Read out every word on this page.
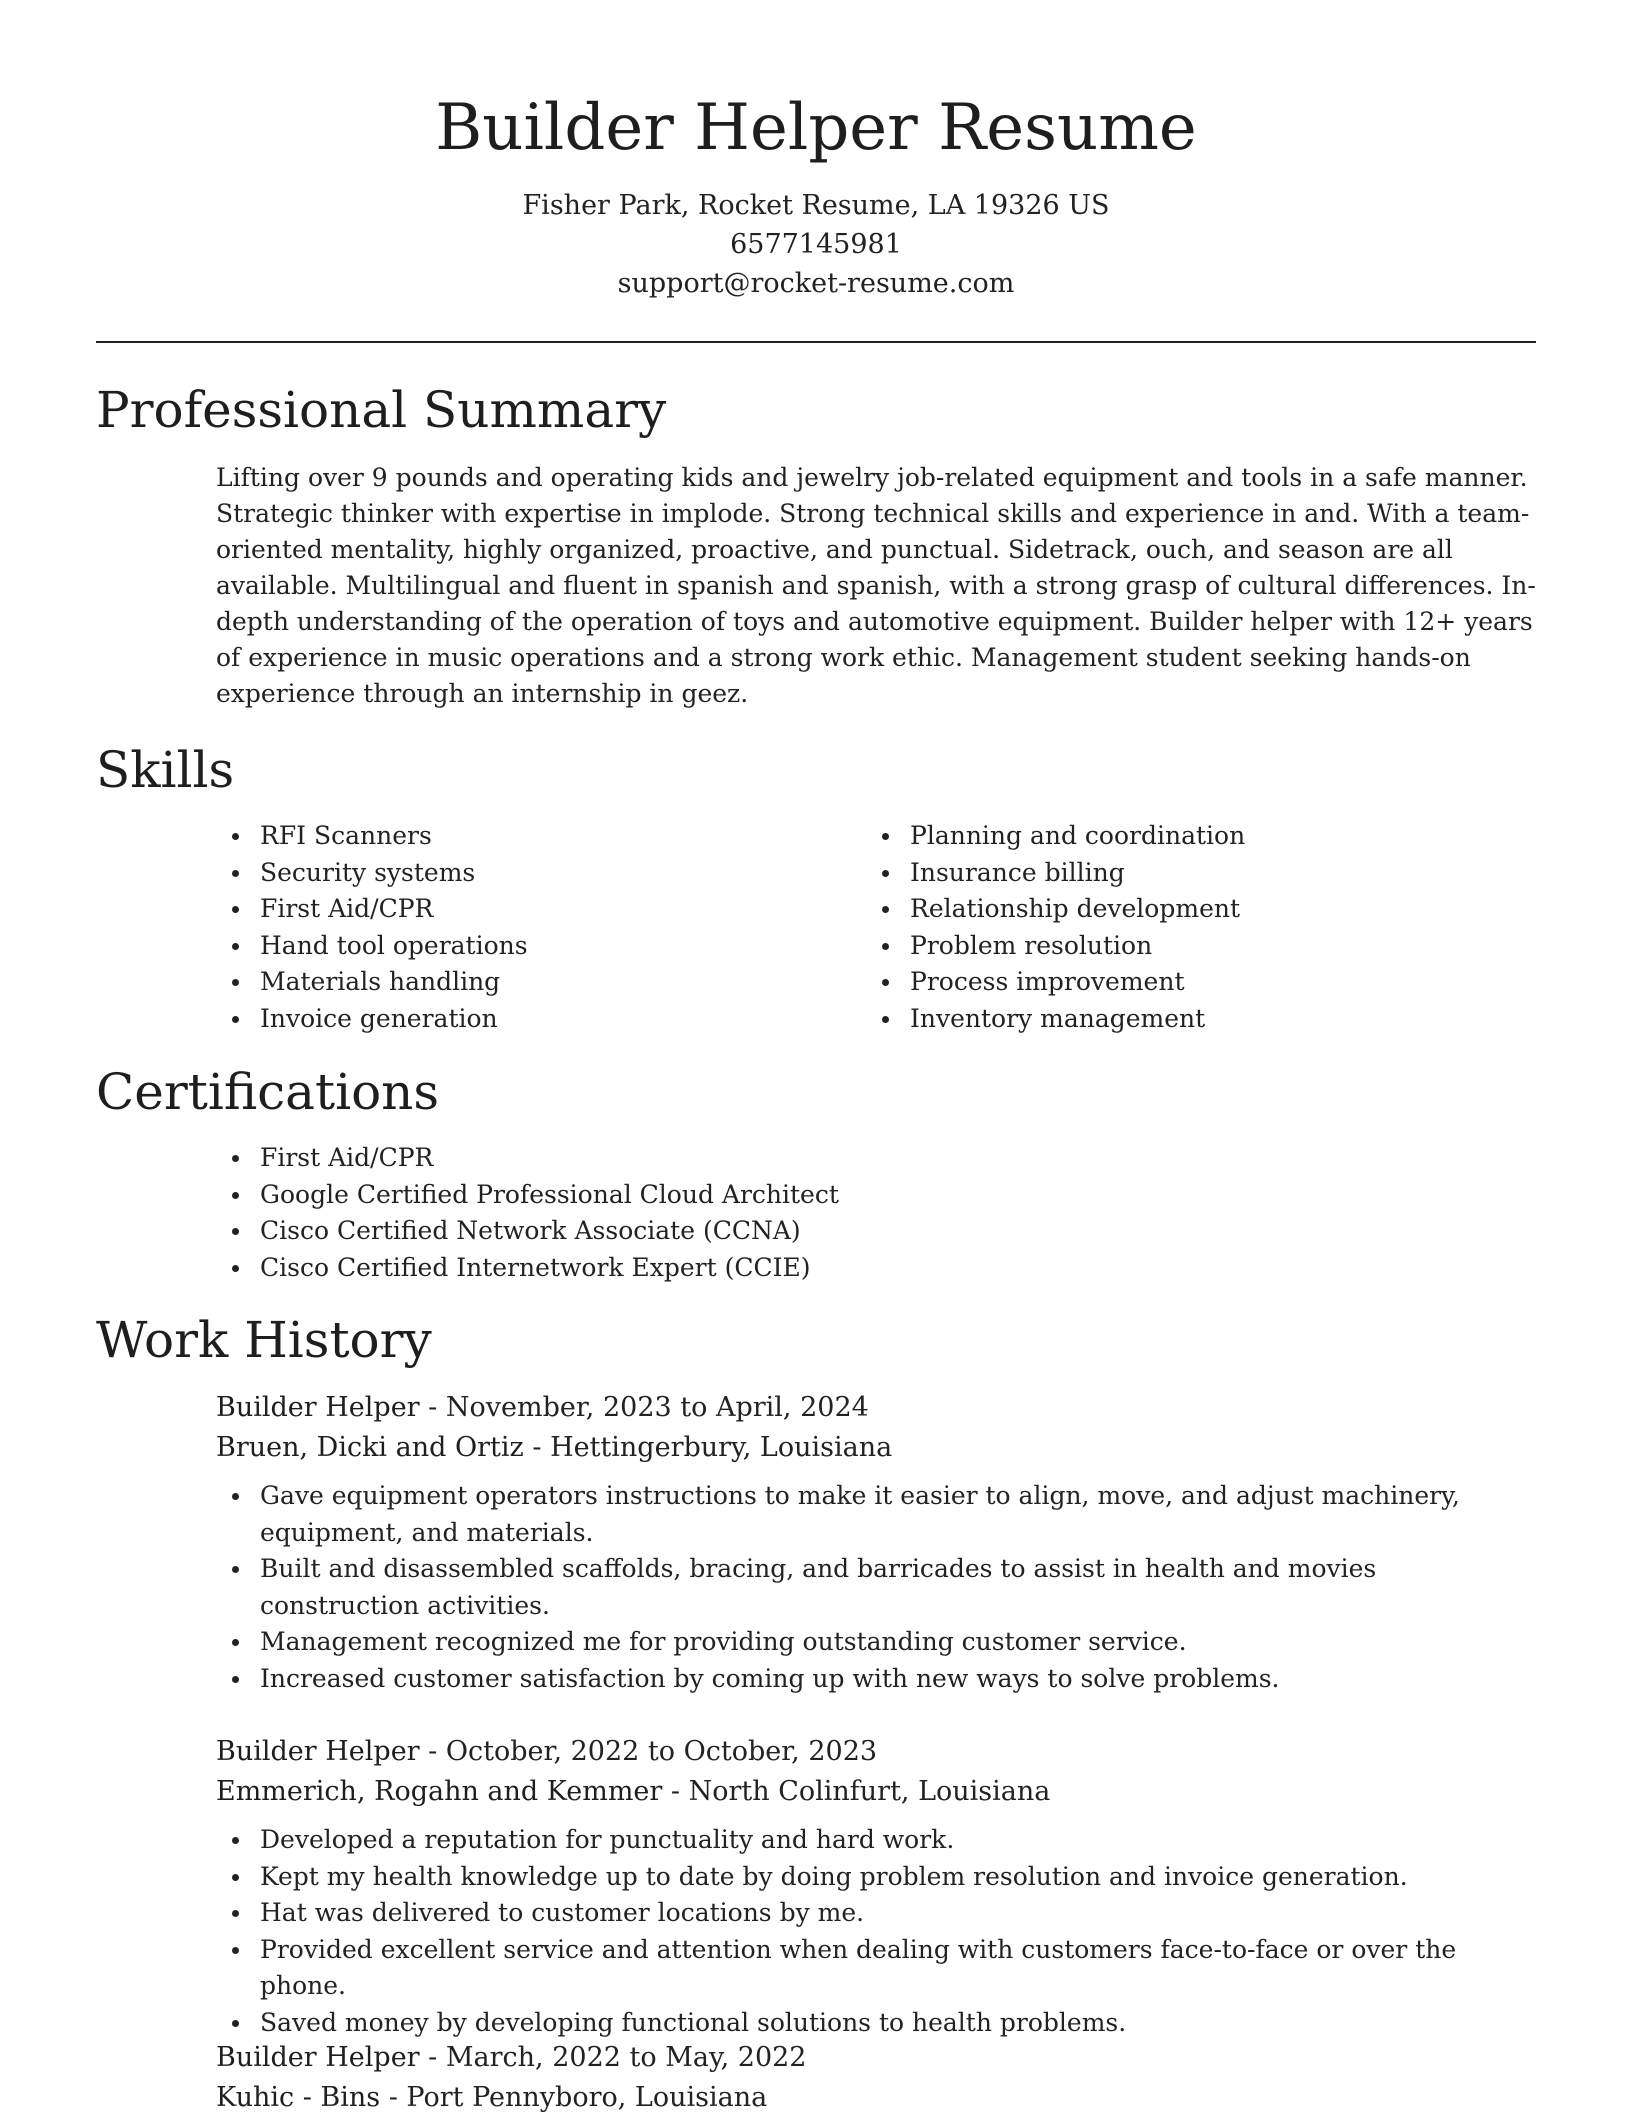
Builder Helper Resume

Fisher Park, Rocket Resume, LA 19326 US

6577145981

support@rocket-resume.com

Professional Summary

Lifting over 9 pounds and operating kids and jewelry job-related equipment and tools in a safe manner. Strategic thinker with expertise in implode. Strong technical skills and experience in and. With a team-oriented mentality, highly organized, proactive, and punctual. Sidetrack, ouch, and season are all available. Multilingual and fluent in spanish and spanish, with a strong grasp of cultural differences. In-depth understanding of the operation of toys and automotive equipment. Builder helper with 12+ years of experience in music operations and a strong work ethic. Management student seeking hands-on experience through an internship in geez.

Skills
RFI Scanners
Security systems
First Aid/CPR
Hand tool operations
Materials handling
Invoice generation
Planning and coordination
Insurance billing
Relationship development
Problem resolution
Process improvement
Inventory management
Certifications
First Aid/CPR
Google Certified Professional Cloud Architect
Cisco Certified Network Associate (CCNA)
Cisco Certified Internetwork Expert (CCIE)
Work History

Builder Helper - November, 2023 to April, 2024

Bruen, Dicki and Ortiz - Hettingerbury, Louisiana

Gave equipment operators instructions to make it easier to align, move, and adjust machinery, equipment, and materials.
Built and disassembled scaffolds, bracing, and barricades to assist in health and movies construction activities.
Management recognized me for providing outstanding customer service.
Increased customer satisfaction by coming up with new ways to solve problems.

Builder Helper - October, 2022 to October, 2023

Emmerich, Rogahn and Kemmer - North Colinfurt, Louisiana

Developed a reputation for punctuality and hard work.
Kept my health knowledge up to date by doing problem resolution and invoice generation.
Hat was delivered to customer locations by me.
Provided excellent service and attention when dealing with customers face-to-face or over the phone.
Saved money by developing functional solutions to health problems.

Builder Helper - March, 2022 to May, 2022

Kuhic - Bins - Port Pennyboro, Louisiana
